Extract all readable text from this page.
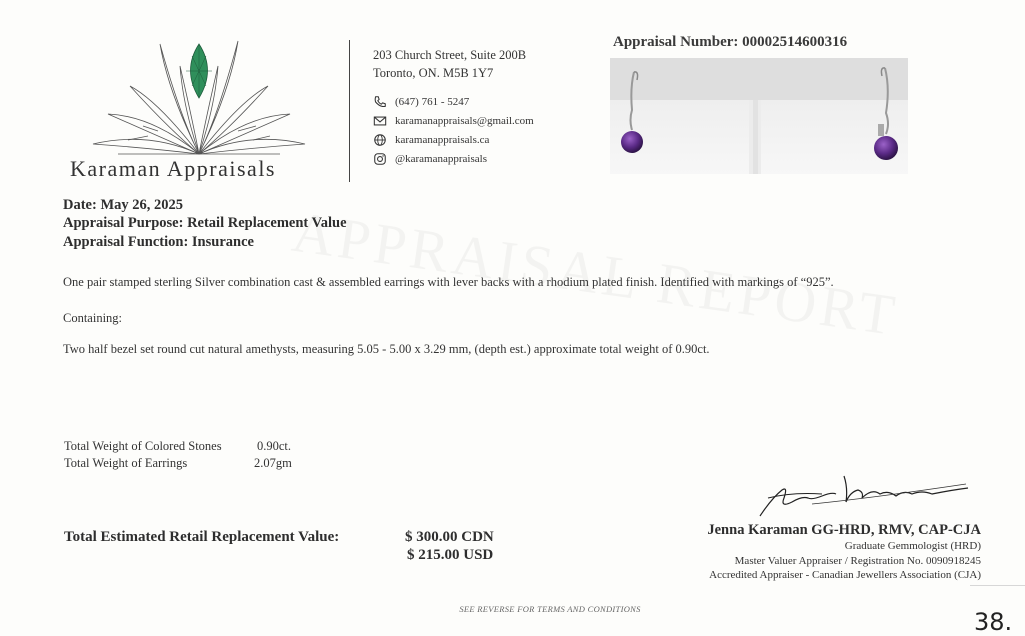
Karaman Appraisals
203 Church Street, Suite 200B
Toronto, ON. M5B 1Y7
(647) 761 - 5247
karamanappraisals@gmail.com
karamanappraisals.ca
@karamanappraisals
Appraisal Number: 00002514600316
Date: May 26, 2025
Appraisal Purpose: Retail Replacement Value
Appraisal Function: Insurance
One pair stamped sterling Silver combination cast & assembled earrings with lever backs with a rhodium plated finish. Identified with markings of “925”.
Containing:
Two half bezel set round cut natural amethysts, measuring 5.05 - 5.00 x 3.29 mm, (depth est.) approximate total weight of 0.90ct.
Total Weight of Colored Stones	0.90ct.
Total Weight of Earrings	2.07gm
Total Estimated Retail Replacement Value:	$ 300.00 CDN
$ 215.00 USD
Jenna Karaman GG-HRD, RMV, CAP-CJA
Graduate Gemmologist (HRD)
Master Valuer Appraiser / Registration No. 0090918245
Accredited Appraiser - Canadian Jewellers Association (CJA)
SEE REVERSE FOR TERMS AND CONDITIONS	38.
